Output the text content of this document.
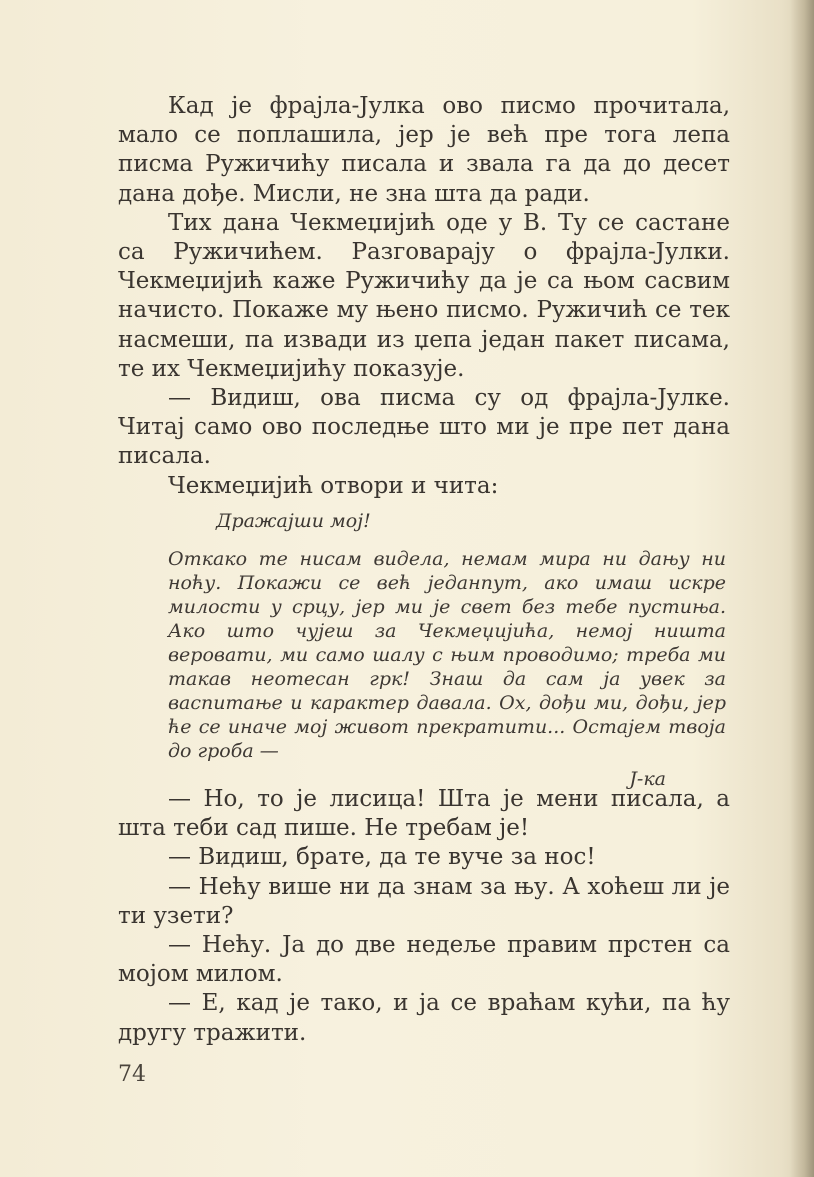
Кад је фрајла-Јулка ово писмо прочитала, мало се поплашила, јер је већ пре тога лепа писма Ружичићу писала и звала га да до десет дана дође. Мисли, не зна шта да ради.

Тих дана Чекмеџијић оде у В. Ту се састане са Ружичићем. Разговарају о фрајла-Јулки. Чекмеџијић каже Ружичићу да је са њом сасвим начисто. Покаже му њено писмо. Ружичић се тек насмеши, па извади из џепа један пакет писама, те их Чекмеџијићу показује.

— Видиш, ова писма су од фрајла-Јулке. Читај само ово последње што ми је пре пет дана писала.

Чекмеџијић отвори и чита:

Дражајши мој!

Откако те нисам видела, немам мира ни дању ни ноћу. Покажи се већ једанпут, ако имаш искре милости у срцу, јер ми је свет без тебе пустиња. Ако што чујеш за Чекмеџијића, немој ништа веровати, ми само шалу с њим проводимо; треба ми такав неотесан грк! Знаш да сам ја увек за васпитање и карактер давала. Ох, дођи ми, дођи, јер ће се иначе мој живот прекратити... Остајем твоја до гроба —

Ј-ка

— Но, то је лисица! Шта је мени писала, а шта теби сад пише. Не требам је!

— Видиш, брате, да те вуче за нос!

— Нећу више ни да знам за њу. А хоћеш ли је ти узети?

— Нећу. Ја до две недеље правим прстен са мојом милом.

— Е, кад је тако, и ја се враћам кући, па ћу другу тражити.

74
